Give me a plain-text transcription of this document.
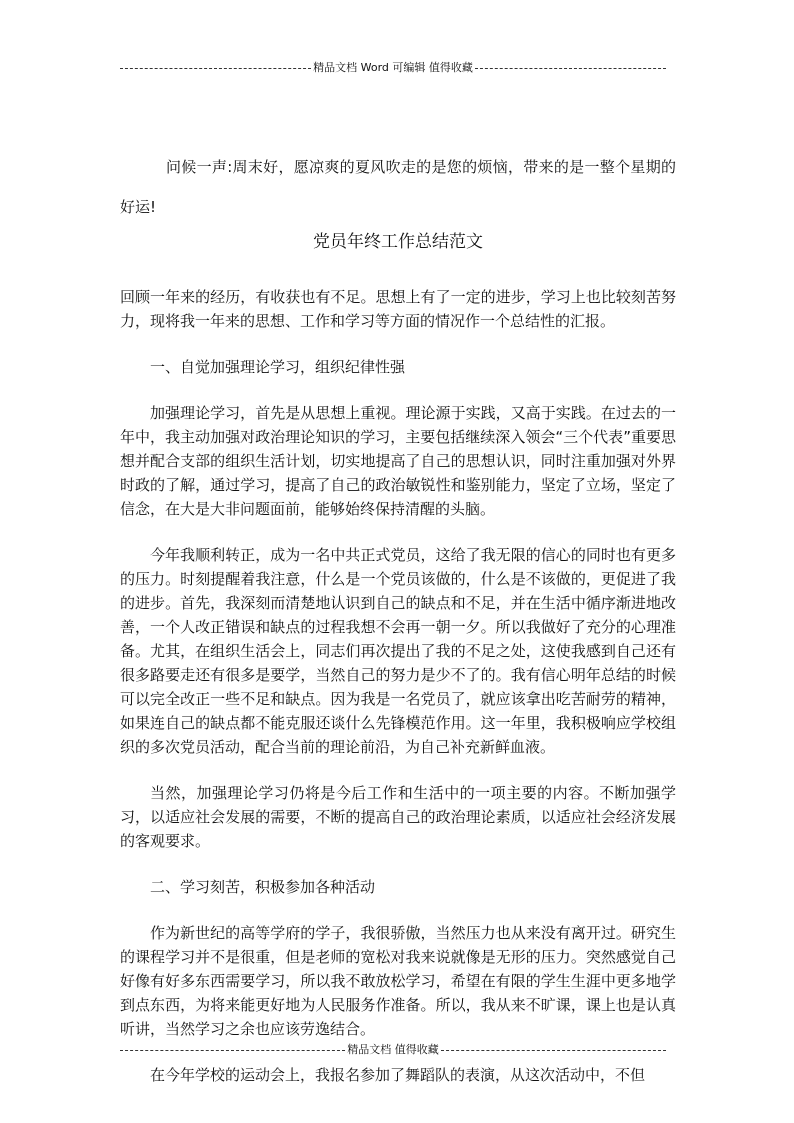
精品文档 Word 可编辑 值得收藏
问候一声:周末好，愿凉爽的夏风吹走的是您的烦恼，带来的是一整个星期的好运!
党员年终工作总结范文

回顾一年来的经历，有收获也有不足。思想上有了一定的进步，学习上也比较刻苦努力，现将我一年来的思想、工作和学习等方面的情况作一个总结性的汇报。

一、自觉加强理论学习，组织纪律性强

加强理论学习，首先是从思想上重视。理论源于实践，又高于实践。在过去的一年中，我主动加强对政治理论知识的学习，主要包括继续深入领会“三个代表”重要思想并配合支部的组织生活计划，切实地提高了自己的思想认识，同时注重加强对外界时政的了解，通过学习，提高了自己的政治敏锐性和鉴别能力，坚定了立场，坚定了信念，在大是大非问题面前，能够始终保持清醒的头脑。

今年我顺利转正，成为一名中共正式党员，这给了我无限的信心的同时也有更多的压力。时刻提醒着我注意，什么是一个党员该做的，什么是不该做的，更促进了我的进步。首先，我深刻而清楚地认识到自己的缺点和不足，并在生活中循序渐进地改善，一个人改正错误和缺点的过程我想不会再一朝一夕。所以我做好了充分的心理准备。尤其，在组织生活会上，同志们再次提出了我的不足之处，这使我感到自己还有很多路要走还有很多是要学，当然自己的努力是少不了的。我有信心明年总结的时候可以完全改正一些不足和缺点。因为我是一名党员了，就应该拿出吃苦耐劳的精神，如果连自己的缺点都不能克服还谈什么先锋模范作用。这一年里，我积极响应学校组织的多次党员活动，配合当前的理论前沿，为自己补充新鲜血液。

当然，加强理论学习仍将是今后工作和生活中的一项主要的内容。不断加强学习，以适应社会发展的需要，不断的提高自己的政治理论素质，以适应社会经济发展的客观要求。

二、学习刻苦，积极参加各种活动

作为新世纪的高等学府的学子，我很骄傲，当然压力也从来没有离开过。研究生的课程学习并不是很重，但是老师的宽松对我来说就像是无形的压力。突然感觉自己好像有好多东西需要学习，所以我不敢放松学习，希望在有限的学生生涯中更多地学到点东西，为将来能更好地为人民服务作准备。所以，我从来不旷课，课上也是认真听讲，当然学习之余也应该劳逸结合。

在今年学校的运动会上，我报名参加了舞蹈队的表演，从这次活动中，不但

精品文档 值得收藏
